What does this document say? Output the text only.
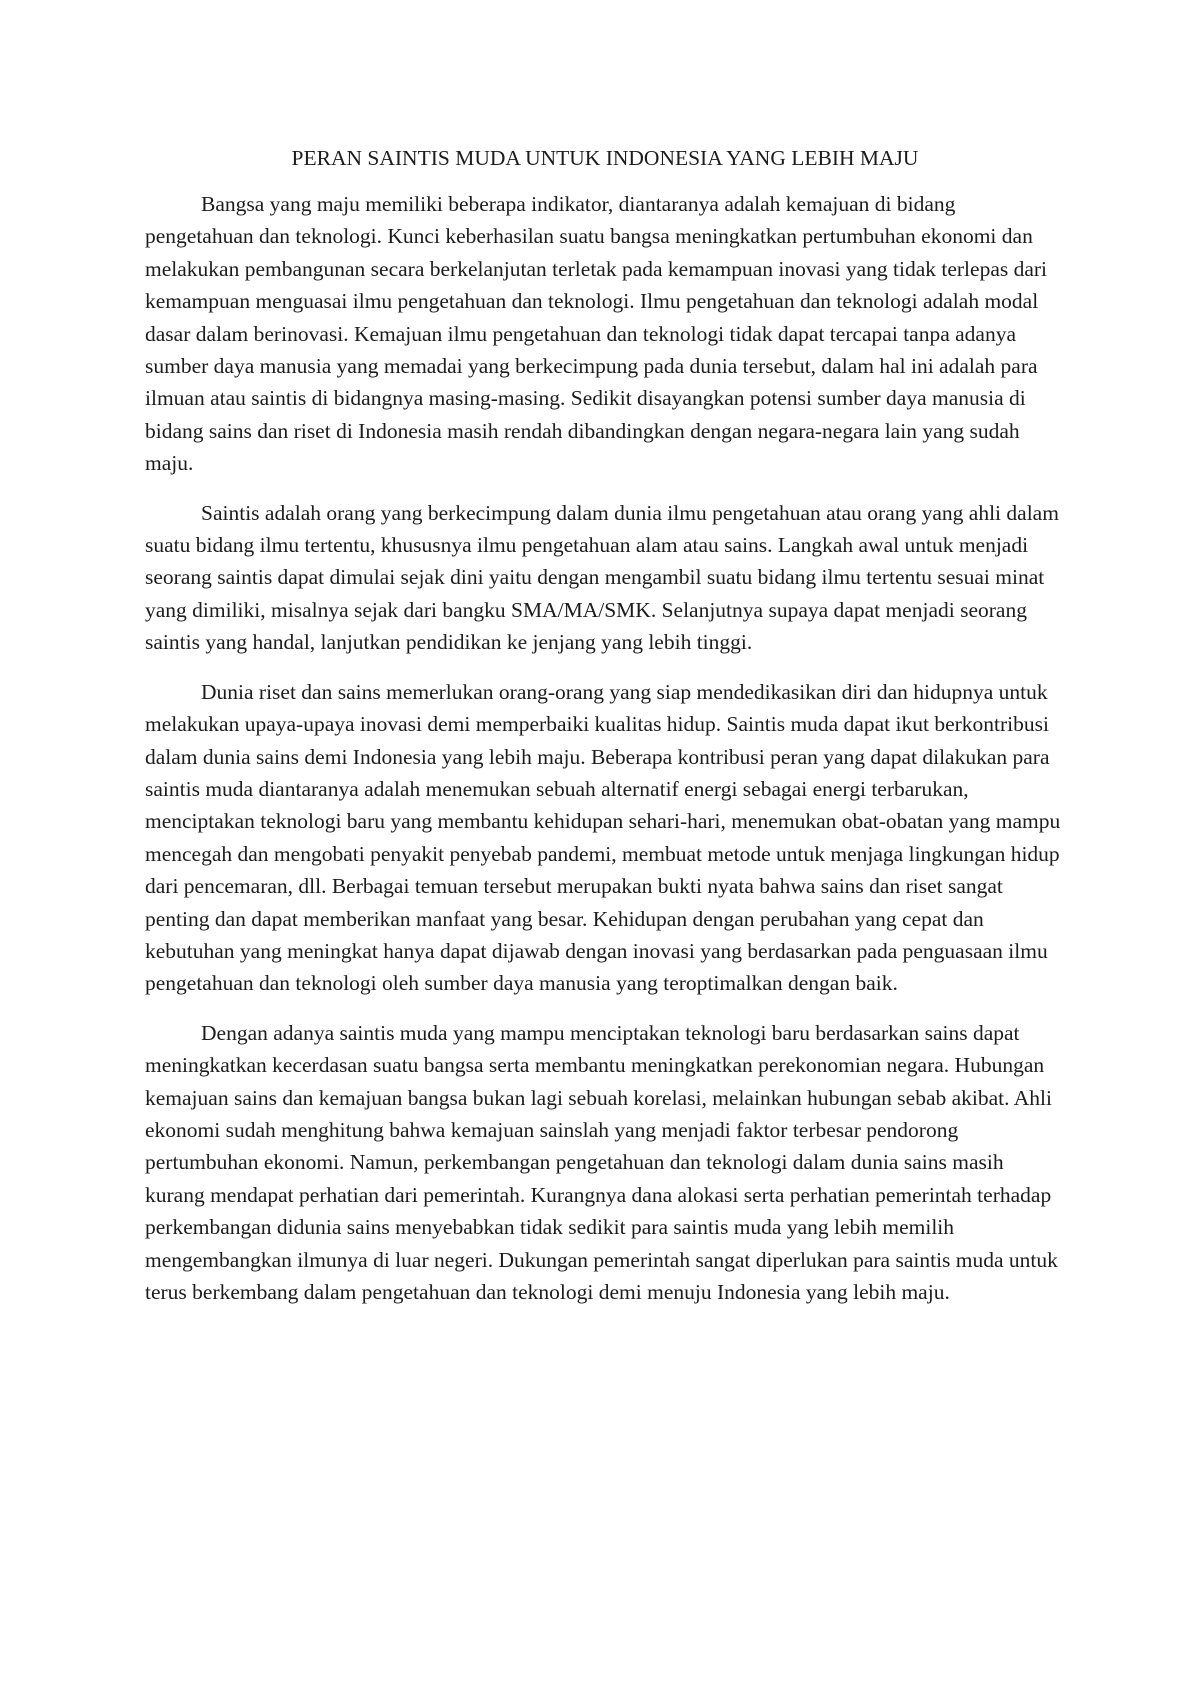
PERAN SAINTIS MUDA UNTUK INDONESIA YANG LEBIH MAJU

Bangsa yang maju memiliki beberapa indikator, diantaranya adalah kemajuan di bidang pengetahuan dan teknologi. Kunci keberhasilan suatu bangsa meningkatkan pertumbuhan ekonomi dan melakukan pembangunan secara berkelanjutan terletak pada kemampuan inovasi yang tidak terlepas dari kemampuan menguasai ilmu pengetahuan dan teknologi. Ilmu pengetahuan dan teknologi adalah modal dasar dalam berinovasi. Kemajuan ilmu pengetahuan dan teknologi tidak dapat tercapai tanpa adanya sumber daya manusia yang memadai yang berkecimpung pada dunia tersebut, dalam hal ini adalah para ilmuan atau saintis di bidangnya masing-masing. Sedikit disayangkan potensi sumber daya manusia di bidang sains dan riset di Indonesia masih rendah dibandingkan dengan negara-negara lain yang sudah maju.

Saintis adalah orang yang berkecimpung dalam dunia ilmu pengetahuan atau orang yang ahli dalam suatu bidang ilmu tertentu, khususnya ilmu pengetahuan alam atau sains. Langkah awal untuk menjadi seorang saintis dapat dimulai sejak dini yaitu dengan mengambil suatu bidang ilmu tertentu sesuai minat yang dimiliki, misalnya sejak dari bangku SMA/MA/SMK. Selanjutnya supaya dapat menjadi seorang saintis yang handal, lanjutkan pendidikan ke jenjang yang lebih tinggi.

Dunia riset dan sains memerlukan orang-orang yang siap mendedikasikan diri dan hidupnya untuk melakukan upaya-upaya inovasi demi memperbaiki kualitas hidup. Saintis muda dapat ikut berkontribusi dalam dunia sains demi Indonesia yang lebih maju. Beberapa kontribusi peran yang dapat dilakukan para saintis muda diantaranya adalah menemukan sebuah alternatif energi sebagai energi terbarukan, menciptakan teknologi baru yang membantu kehidupan sehari-hari, menemukan obat-obatan yang mampu mencegah dan mengobati penyakit penyebab pandemi, membuat metode untuk menjaga lingkungan hidup dari pencemaran, dll. Berbagai temuan tersebut merupakan bukti nyata bahwa sains dan riset sangat penting dan dapat memberikan manfaat yang besar. Kehidupan dengan perubahan yang cepat dan kebutuhan yang meningkat hanya dapat dijawab dengan inovasi yang berdasarkan pada penguasaan ilmu pengetahuan dan teknologi oleh sumber daya manusia yang teroptimalkan dengan baik.

Dengan adanya saintis muda yang mampu menciptakan teknologi baru berdasarkan sains dapat meningkatkan kecerdasan suatu bangsa serta membantu meningkatkan perekonomian negara. Hubungan kemajuan sains dan kemajuan bangsa bukan lagi sebuah korelasi, melainkan hubungan sebab akibat. Ahli ekonomi sudah menghitung bahwa kemajuan sainslah yang menjadi faktor terbesar pendorong pertumbuhan ekonomi. Namun, perkembangan pengetahuan dan teknologi dalam dunia sains masih kurang mendapat perhatian dari pemerintah. Kurangnya dana alokasi serta perhatian pemerintah terhadap perkembangan didunia sains menyebabkan tidak sedikit para saintis muda yang lebih memilih mengembangkan ilmunya di luar negeri. Dukungan pemerintah sangat diperlukan para saintis muda untuk terus berkembang dalam pengetahuan dan teknologi demi menuju Indonesia yang lebih maju.
